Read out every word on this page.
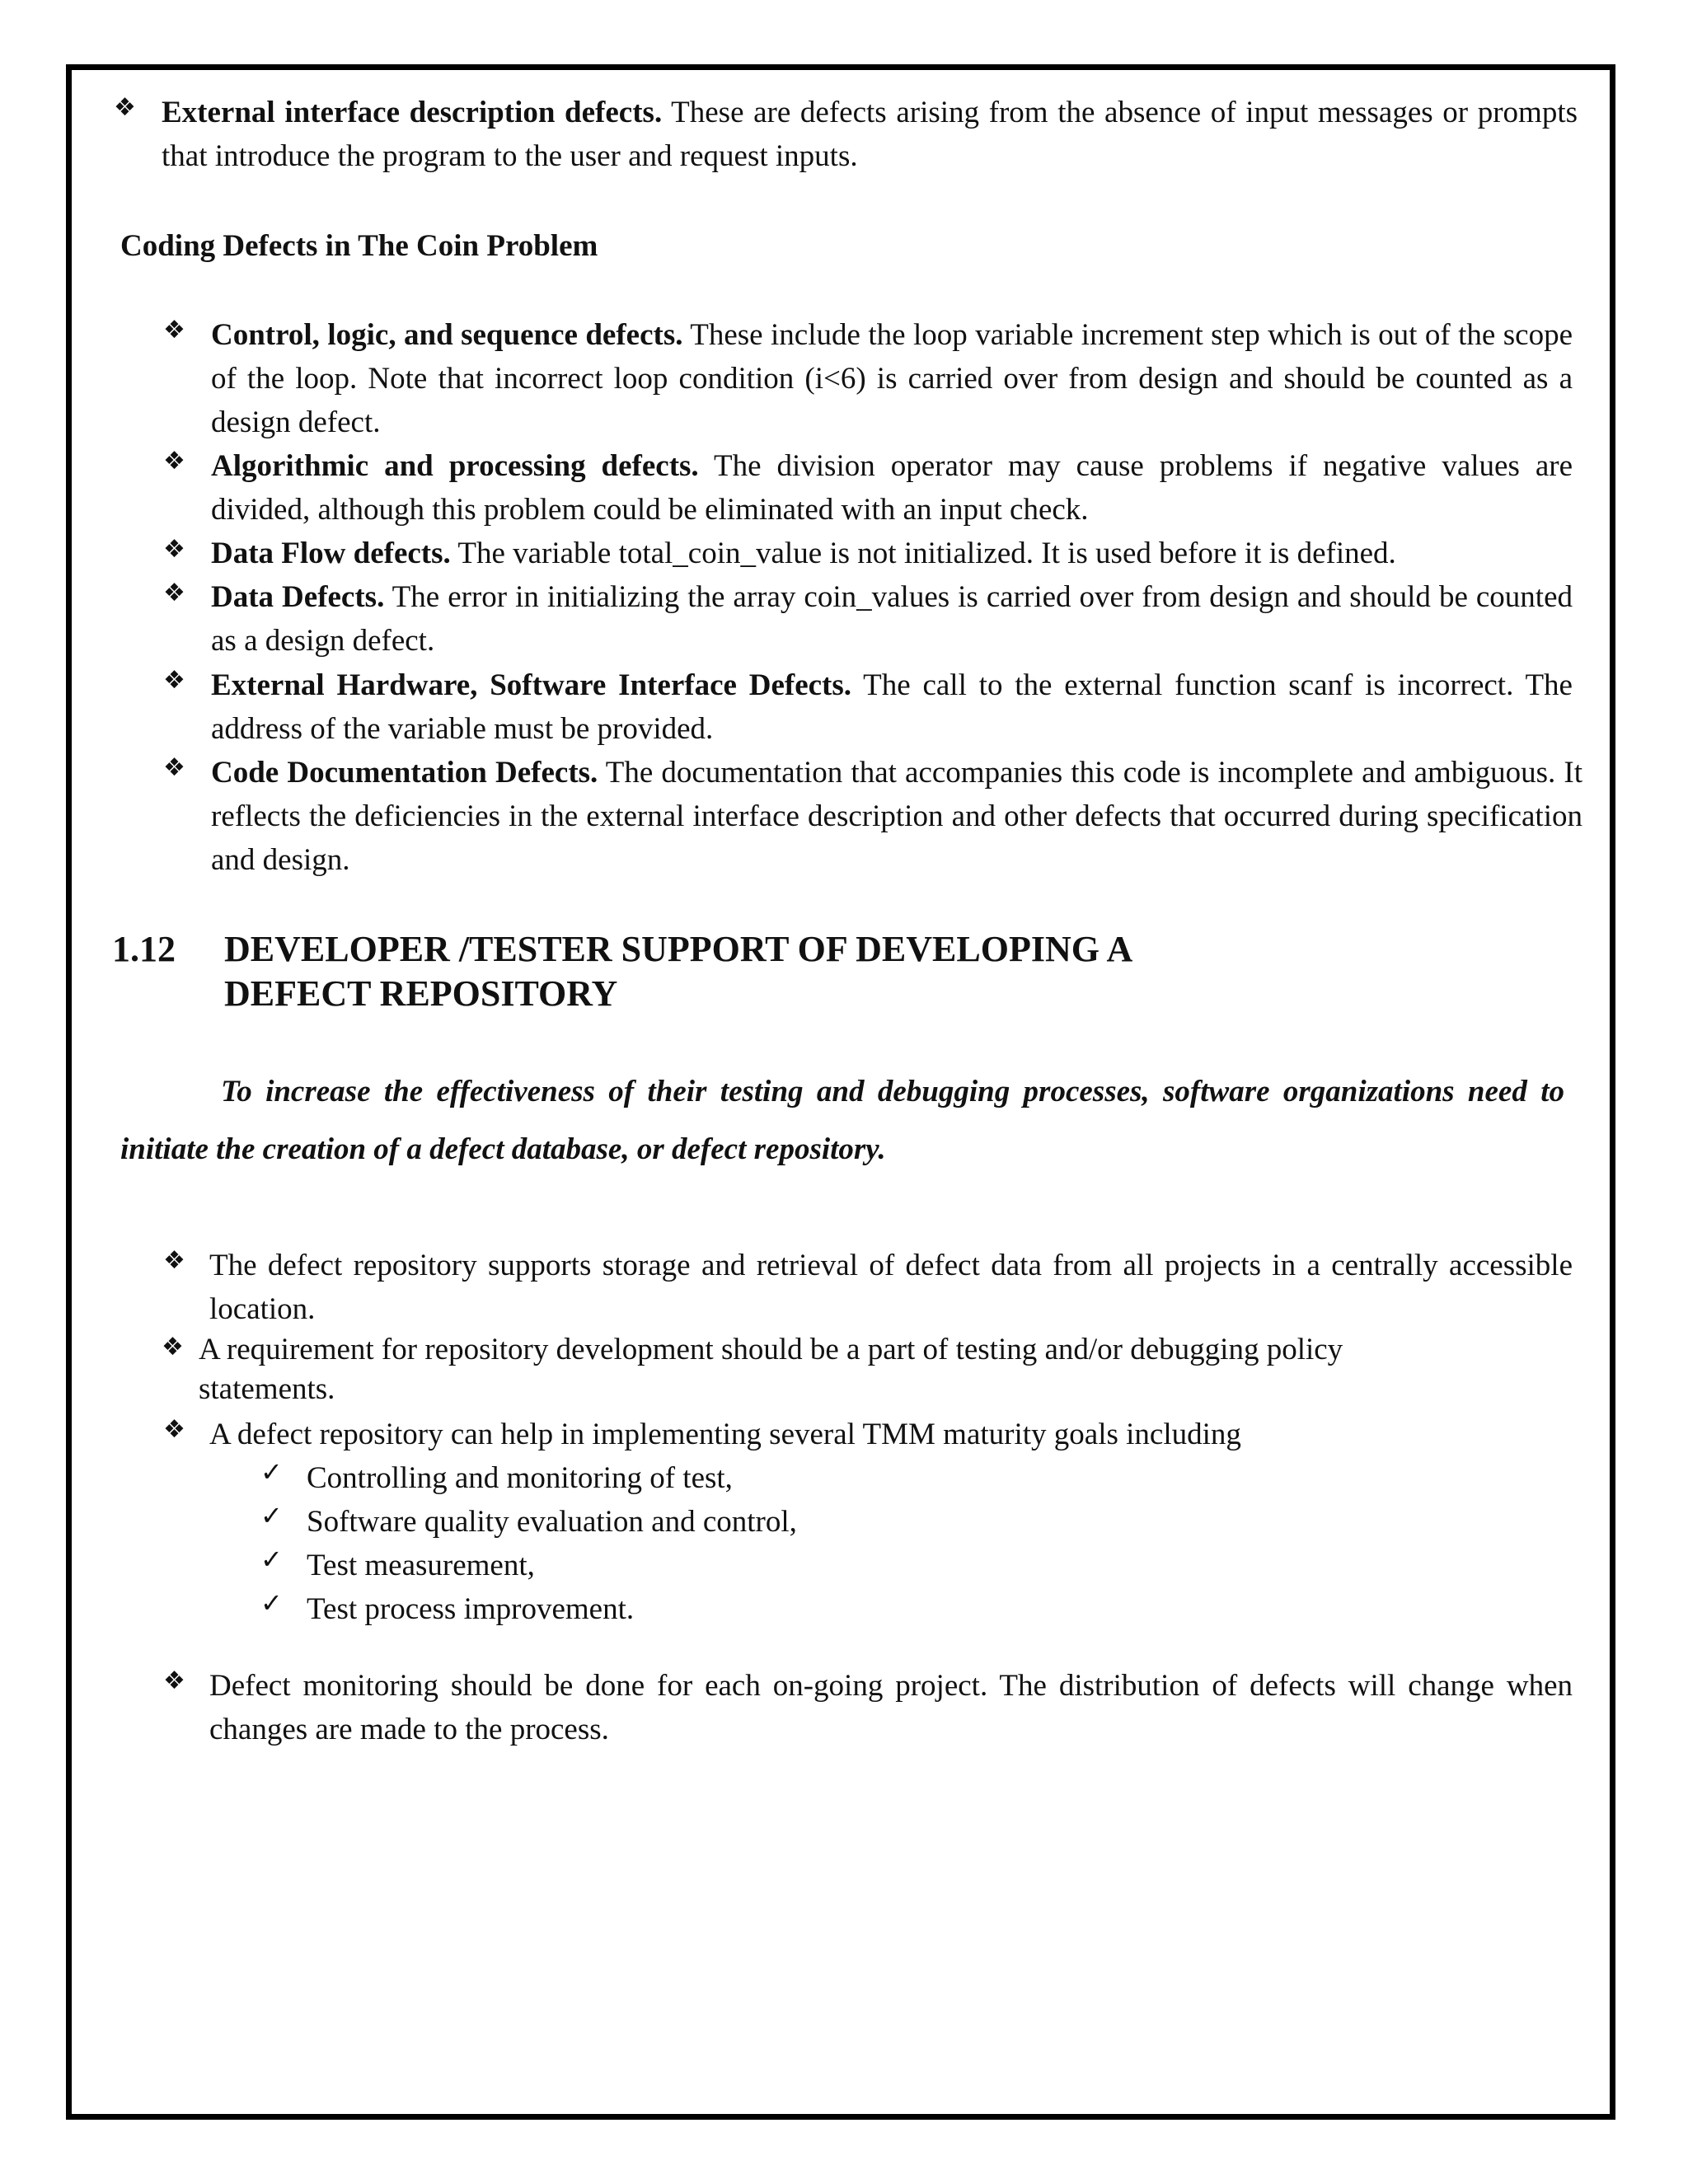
❖ External interface description defects. These are defects arising from the absence of input messages or prompts that introduce the program to the user and request inputs.

Coding Defects in The Coin Problem
❖ Control, logic, and sequence defects. These include the loop variable increment step which is out of the scope of the loop. Note that incorrect loop condition (i<6) is carried over from design and should be counted as a design defect.

❖ Algorithmic and processing defects. The division operator may cause problems if negative values are divided, although this problem could be eliminated with an input check.

❖ Data Flow defects. The variable total_coin_value is not initialized. It is used before it is defined.

❖ Data Defects. The error in initializing the array coin_values is carried over from design and should be counted as a design defect.

❖ External Hardware, Software Interface Defects. The call to the external function scanf is incorrect. The address of the variable must be provided.

❖ Code Documentation Defects. The documentation that accompanies this code is incomplete and ambiguous. It reflects the deficiencies in the external interface description and other defects that occurred during specification and design.

1.12 DEVELOPER /TESTER SUPPORT OF DEVELOPING A
DEFECT REPOSITORY

To increase the effectiveness of their testing and debugging processes, software organizations need to initiate the creation of a defect database, or defect repository.

❖ The defect repository supports storage and retrieval of defect data from all projects in a centrally accessible location.

❖ A requirement for repository development should be a part of testing and/or debugging policy statements.

❖ A defect repository can help in implementing several TMM maturity goals including

✓ Controlling and monitoring of test,
✓ Software quality evaluation and control,
✓ Test measurement,
✓ Test process improvement.
❖ Defect monitoring should be done for each on-going project. The distribution of defects will change when changes are made to the process.
